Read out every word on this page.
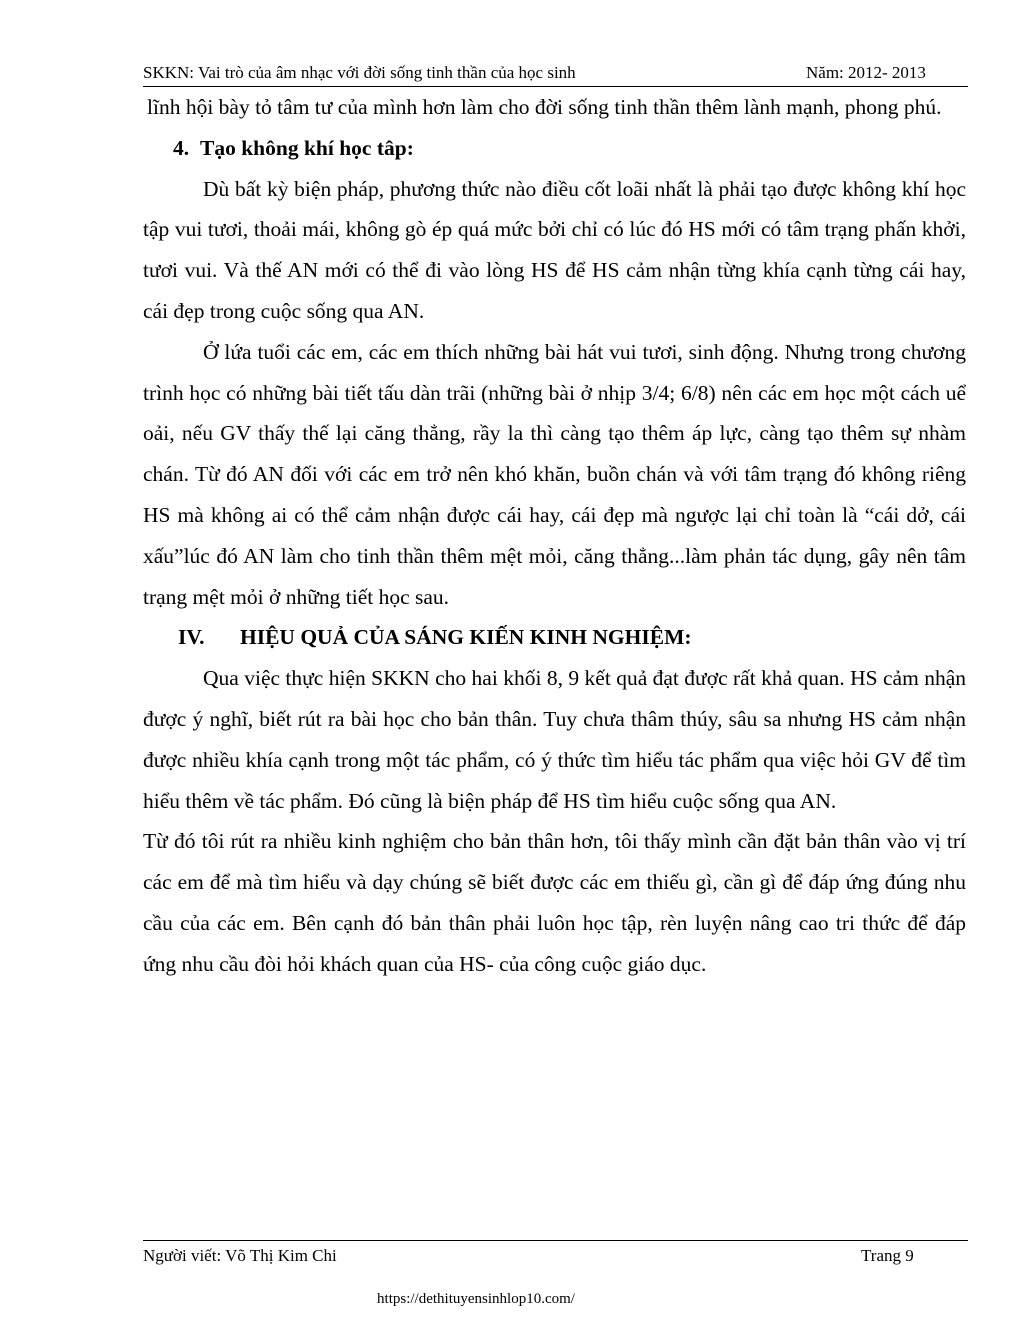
SKKN: Vai trò của âm nhạc với đời sống tinh thần của học sinh	Năm: 2012- 2013

lĩnh hội bày tỏ tâm tư của mình hơn làm cho đời sống tinh thần thêm lành mạnh, phong phú.

4. Tạo không khí học tâp:

Dù bất kỳ biện pháp, phương thức nào điều cốt loãi nhất là phải tạo được không khí học tập vui tươi, thoải mái, không gò ép quá mức bởi chỉ có lúc đó HS mới có tâm trạng phấn khởi, tươi vui. Và thế AN mới có thể đi vào lòng HS để HS cảm nhận từng khía cạnh từng cái hay, cái đẹp trong cuộc sống qua AN.

Ở lứa tuổi các em, các em thích những bài hát vui tươi, sinh động. Nhưng trong chương trình học có những bài tiết tấu dàn trãi (những bài ở nhịp 3/4; 6/8) nên các em học một cách uể oải, nếu GV thấy thế lại căng thẳng, rầy la thì càng tạo thêm áp lực, càng tạo thêm sự nhàm chán. Từ đó AN đối với các em trở nên khó khăn, buồn chán và với tâm trạng đó không riêng HS mà không ai có thể cảm nhận được cái hay, cái đẹp mà ngược lại chỉ toàn là “cái dở, cái xấu”lúc đó AN làm cho tinh thần thêm mệt mỏi, căng thẳng...làm phản tác dụng, gây nên tâm trạng mệt mỏi ở những tiết học sau.

IV. HIỆU QUẢ CỦA SÁNG KIẾN KINH NGHIỆM:

Qua việc thực hiện SKKN cho hai khối 8, 9 kết quả đạt được rất khả quan. HS cảm nhận được ý nghĩ, biết rút ra bài học cho bản thân. Tuy chưa thâm thúy, sâu sa nhưng HS cảm nhận được nhiều khía cạnh trong một tác phẩm, có ý thức tìm hiểu tác phẩm qua việc hỏi GV để tìm hiểu thêm về tác phẩm. Đó cũng là biện pháp để HS tìm hiểu cuộc sống qua AN.

Từ đó tôi rút ra nhiều kinh nghiệm cho bản thân hơn, tôi thấy mình cần đặt bản thân vào vị trí các em để mà tìm hiểu và dạy chúng sẽ biết được các em thiếu gì, cần gì để đáp ứng đúng nhu cầu của các em. Bên cạnh đó bản thân phải luôn học tập, rèn luyện nâng cao tri thức để đáp ứng nhu cầu đòi hỏi khách quan của HS- của công cuộc giáo dục.

Người viết: Võ Thị Kim Chi	Trang 9
https://dethituyensinhlop10.com/
